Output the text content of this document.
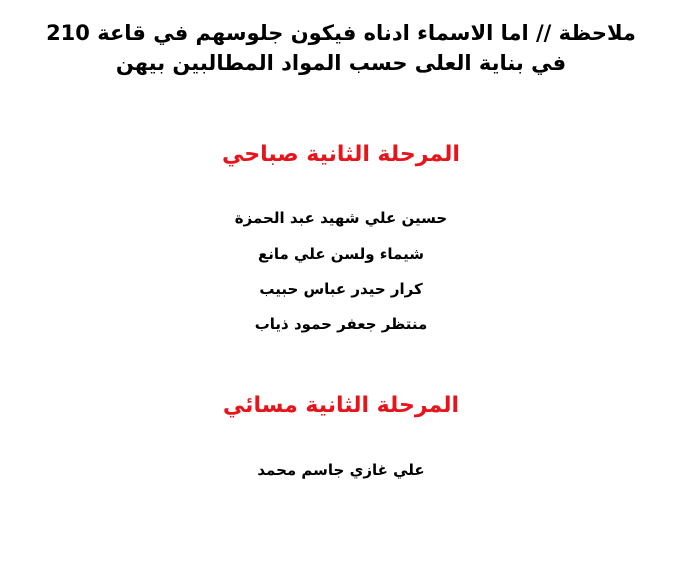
ملاحظة // اما الاسماء ادناه فيكون جلوسهم في قاعة 210
في بناية العلى حسب المواد المطالبين بيهن
المرحلة الثانية صباحي
حسين علي شهيد عبد الحمزة
شيماء ولسن علي مانع
كرار حيدر عباس حبيب
منتظر جعفر حمود ذياب
المرحلة الثانية مسائي
علي غازي جاسم محمد
